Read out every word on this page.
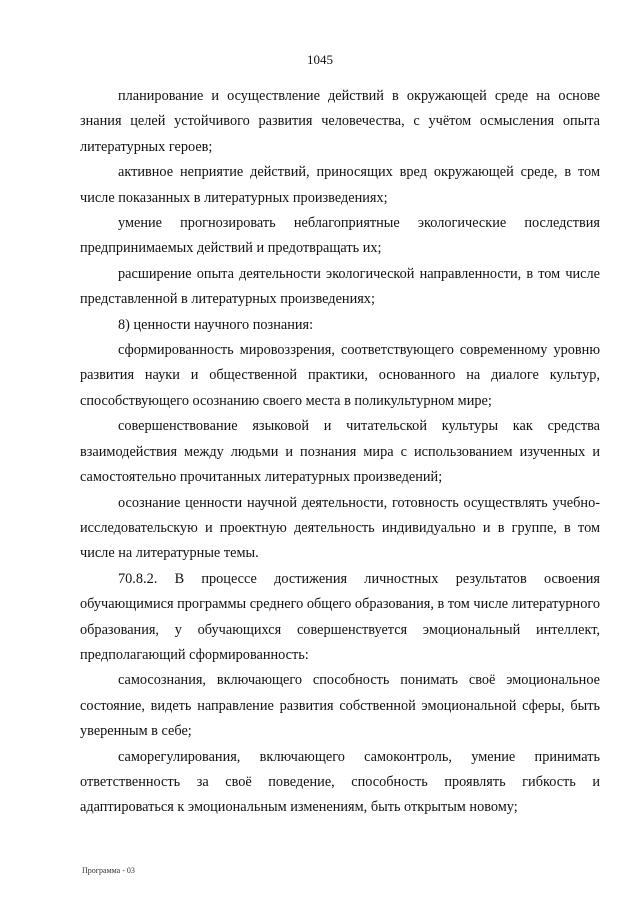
1045

планирование и осуществление действий в окружающей среде на основе знания целей устойчивого развития человечества, с учётом осмысления опыта литературных героев;

активное неприятие действий, приносящих вред окружающей среде, в том числе показанных в литературных произведениях;

умение прогнозировать неблагоприятные экологические последствия предпринимаемых действий и предотвращать их;

расширение опыта деятельности экологической направленности, в том числе представленной в литературных произведениях;

8) ценности научного познания:

сформированность мировоззрения, соответствующего современному уровню развития науки и общественной практики, основанного на диалоге культур, способствующего осознанию своего места в поликультурном мире;

совершенствование языковой и читательской культуры как средства взаимодействия между людьми и познания мира с использованием изученных и самостоятельно прочитанных литературных произведений;

осознание ценности научной деятельности, готовность осуществлять учебно-исследовательскую и проектную деятельность индивидуально и в группе, в том числе на литературные темы.

70.8.2. В процессе достижения личностных результатов освоения обучающимися программы среднего общего образования, в том числе литературного образования, у обучающихся совершенствуется эмоциональный интеллект, предполагающий сформированность:

самосознания, включающего способность понимать своё эмоциональное состояние, видеть направление развития собственной эмоциональной сферы, быть уверенным в себе;

саморегулирования, включающего самоконтроль, умение принимать ответственность за своё поведение, способность проявлять гибкость и адаптироваться к эмоциональным изменениям, быть открытым новому;

Программа - 03
